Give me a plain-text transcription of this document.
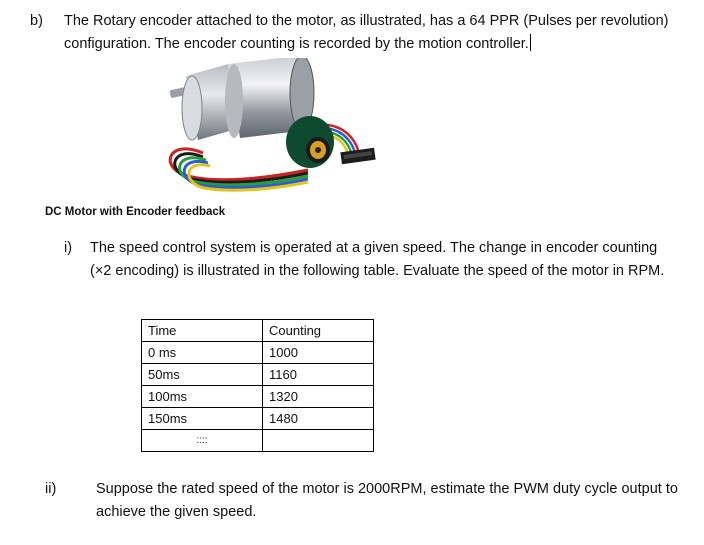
b) The Rotary encoder attached to the motor, as illustrated, has a 64 PPR (Pulses per revolution) configuration. The encoder counting is recorded by the motion controller.
DC Motor with Encoder feedback
i) The speed control system is operated at a given speed. The change in encoder counting (×2 encoding) is illustrated in the following table. Evaluate the speed of the motor in RPM.
Time	Counting
0 ms	1000
50ms	1160
100ms	1320
150ms	1480
::::	
ii)	Suppose the rated speed of the motor is 2000RPM, estimate the PWM duty cycle output to achieve the given speed.
